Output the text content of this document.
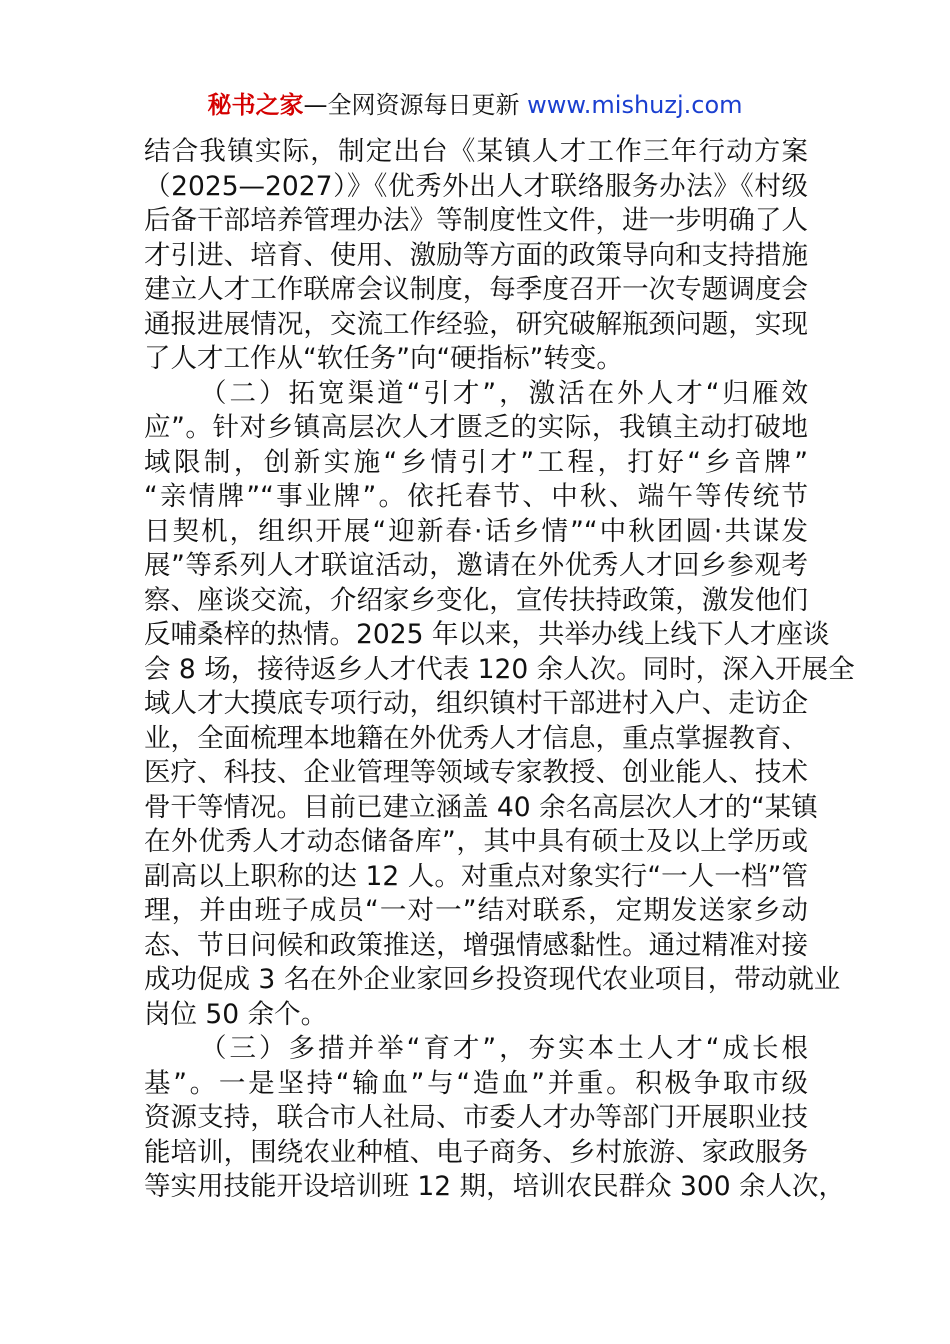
秘书之家—全网资源每日更新 www.mishuzj.com
结合我镇实际，制定出台《某镇人才工作三年行动方案
（2025—2027）》《优秀外出人才联络服务办法》《村级
后备干部培养管理办法》等制度性文件，进一步明确了人
才引进、培育、使用、激励等方面的政策导向和支持措施
建立人才工作联席会议制度，每季度召开一次专题调度会
通报进展情况，交流工作经验，研究破解瓶颈问题，实现
了人才工作从“软任务”向“硬指标”转变。
（二）拓宽渠道“引才”，激活在外人才“归雁效
应”。针对乡镇高层次人才匮乏的实际，我镇主动打破地
域限制，创新实施“乡情引才”工程，打好“乡音牌”
“亲情牌”“事业牌”。依托春节、中秋、端午等传统节
日契机，组织开展“迎新春·话乡情”“中秋团圆·共谋发
展”等系列人才联谊活动，邀请在外优秀人才回乡参观考
察、座谈交流，介绍家乡变化，宣传扶持政策，激发他们
反哺桑梓的热情。2025 年以来，共举办线上线下人才座谈
会 8 场，接待返乡人才代表 120 余人次。同时，深入开展全
域人才大摸底专项行动，组织镇村干部进村入户、走访企
业，全面梳理本地籍在外优秀人才信息，重点掌握教育、
医疗、科技、企业管理等领域专家教授、创业能人、技术
骨干等情况。目前已建立涵盖 40 余名高层次人才的“某镇
在外优秀人才动态储备库”，其中具有硕士及以上学历或
副高以上职称的达 12 人。对重点对象实行“一人一档”管
理，并由班子成员“一对一”结对联系，定期发送家乡动
态、节日问候和政策推送，增强情感黏性。通过精准对接
成功促成 3 名在外企业家回乡投资现代农业项目，带动就业
岗位 50 余个。
（三）多措并举“育才”，夯实本土人才“成长根
基”。一是坚持“输血”与“造血”并重。积极争取市级
资源支持，联合市人社局、市委人才办等部门开展职业技
能培训，围绕农业种植、电子商务、乡村旅游、家政服务
等实用技能开设培训班 12 期，培训农民群众 300 余人次，
